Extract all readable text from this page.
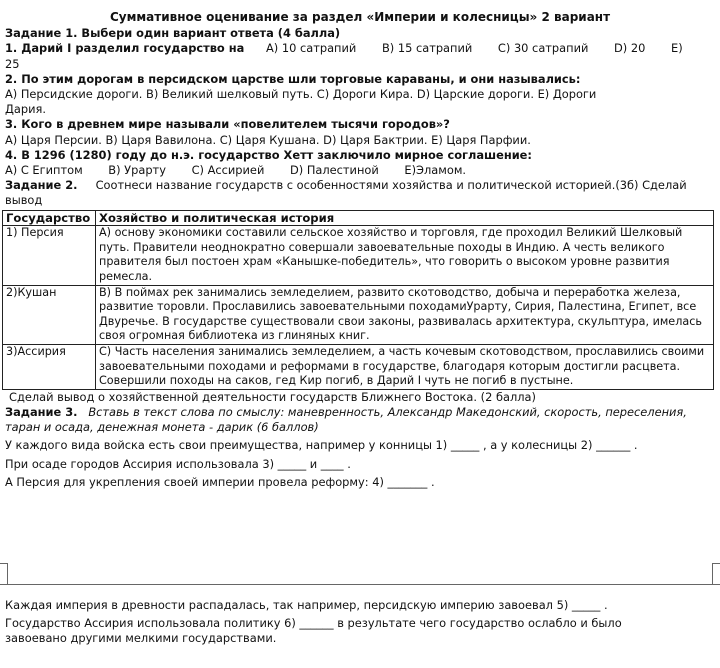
Суммативное оценивание за раздел «Империи и колесницы» 2 вариант
Задание 1. Выбери один вариант ответа (4 балла)
1. Дарий I разделил государство на A) 10 сатрапий B) 15 сатрапий C) 30 сатрапий D) 20 E)
25
2. По этим дорогам в персидском царстве шли торговые караваны, и они назывались:
A) Персидские дороги. B) Великий шелковый путь. C) Дороги Кира. D) Царские дороги. E) Дороги
Дария.
3. Кого в древнем мире называли «повелителем тысячи городов»?
A) Царя Персии. B) Царя Вавилона. C) Царя Кушана. D) Царя Бактрии. E) Царя Парфии.
4. В 1296 (1280) году до н.э. государство Хетт заключило мирное соглашение:
A) С Египтом B) Урарту C) Ассирией D) Палестиной E)Эламом.
Задание 2. Соотнеси название государств с особенностями хозяйства и политической историей.(3б) Сделай
вывод
Государство	Хозяйство и политическая история
1) Персия	A) основу экономики составили сельское хозяйство и торговля, где проходил Великий Шелковый путь. Правители неоднократно совершали завоевательные походы в Индию. А честь великого правителя был постоен храм «Канышке-победитель», что говорить о высоком уровне развития ремесла.
2)Кушан	B) В поймах рек занимались земледелием, развито скотоводство, добыча и переработка железа, развитие торовли. Прославились завоевательными походамиУрарту, Сирия, Палестина, Египет, все Двуречье. В государстве существовали свои законы, развивалась архитектура, скульптура, имелась своя огромная библиотека из глиняных книг.
3)Ассирия	C) Часть населения занимались земледелием, а часть кочевым скотоводством, прославились своими завоевательными походами и реформами в государстве, благодаря которым достигли расцвета. Совершили походы на саков, гед Кир погиб, в Дарий I чуть не погиб в пустыне.
Сделай вывод о хозяйственной деятельности государств Ближнего Востока. (2 балла)
Задание 3. Вставь в текст слова по смыслу: маневренность, Александр Македонский, скорость, переселения,
таран и осада, денежная монета - дарик (6 баллов)
У каждого вида войска есть свои преимущества, например у конницы 1) _____ , а у колесницы 2) ______ .
При осаде городов Ассирия использовала 3) _____ и ____ .
А Персия для укрепления своей империи провела реформу: 4) _______ .
Каждая империя в древности распадалась, так например, персидскую империю завоевал 5) _____ .
Государство Ассирия использовала политику 6) ______ в результате чего государство ослабло и было
завоевано другими мелкими государствами.
